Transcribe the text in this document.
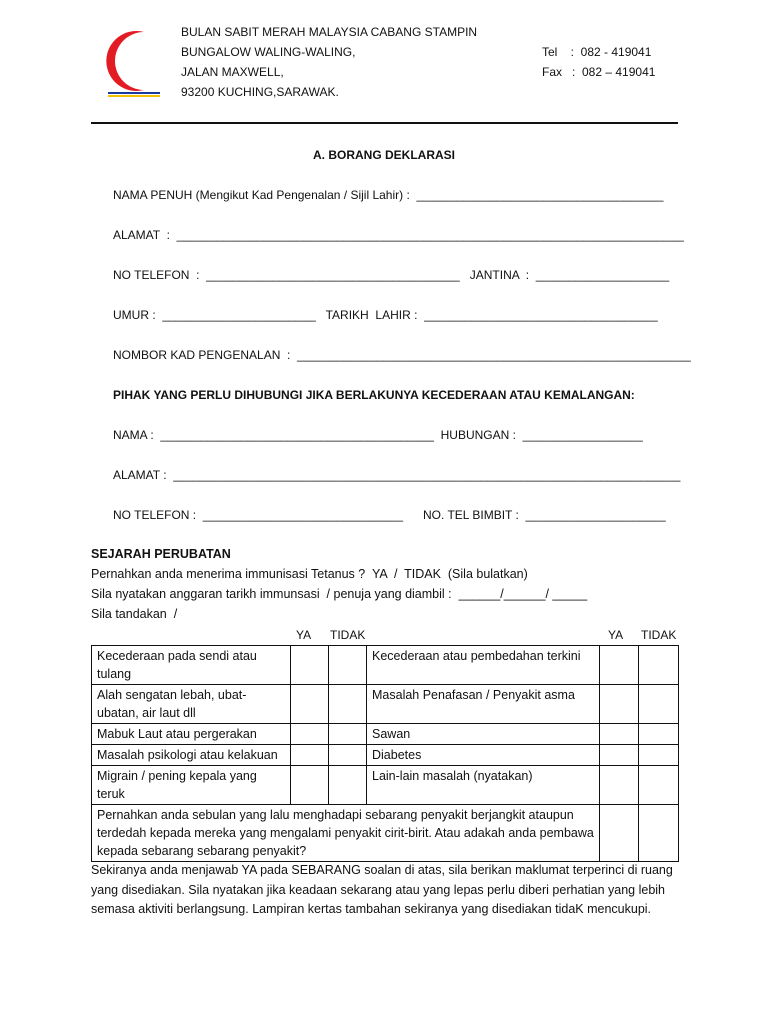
BULAN SABIT MERAH MALAYSIA CABANG STAMPIN
BUNGALOW WALING-WALING,
JALAN MAXWELL,
93200 KUCHING,SARAWAK.
Tel    :  082 - 419041
Fax   :  082 – 419041
A. BORANG DEKLARASI
NAMA PENUH (Mengikut Kad Pengenalan / Sijil Lahir) :  _____________________________________
ALAMAT  :  ____________________________________________________________________________
NO TELEFON  :  ______________________________________   JANTINA  :  ____________________
UMUR :  _______________________   TARIKH  LAHIR :  ___________________________________
NOMBOR KAD PENGENALAN  :  ___________________________________________________________
PIHAK YANG PERLU DIHUBUNGI JIKA BERLAKUNYA KECEDERAAN ATAU KEMALANGAN:
NAMA :  _________________________________________  HUBUNGAN :  __________________
ALAMAT :  ____________________________________________________________________________
NO TELEFON :  ______________________________      NO. TEL BIMBIT :  _____________________
SEJARAH PERUBATAN
Pernahkan anda menerima immunisasi Tetanus ?  YA  /  TIDAK  (Sila bulatkan)
Sila nyatakan anggaran tarikh immunsasi  / penuja yang diambil :  ______/______/ _____
Sila tandakan  /
YA TIDAK	YA TIDAK
Kecederaan pada sendi atau tulang			Kecederaan atau pembedahan terkini		
Alah sengatan lebah, ubat-ubatan, air laut dll			Masalah Penafasan / Penyakit asma		
Mabuk Laut atau pergerakan			Sawan		
Masalah psikologi atau kelakuan			Diabetes		
Migrain / pening kepala yang teruk			Lain-lain masalah (nyatakan)		
Pernahkan anda sebulan yang lalu menghadapi sebarang penyakit berjangkit ataupun terdedah kepada mereka yang mengalami penyakit cirit-birit. Atau adakah anda pembawa kepada sebarang sebarang penyakit?					
Sekiranya anda menjawab YA pada SEBARANG soalan di atas, sila berikan maklumat terperinci di ruang yang disediakan. Sila nyatakan jika keadaan sekarang atau yang lepas perlu diberi perhatian yang lebih semasa aktiviti berlangsung. Lampiran kertas tambahan sekiranya yang disediakan tidaK mencukupi.
